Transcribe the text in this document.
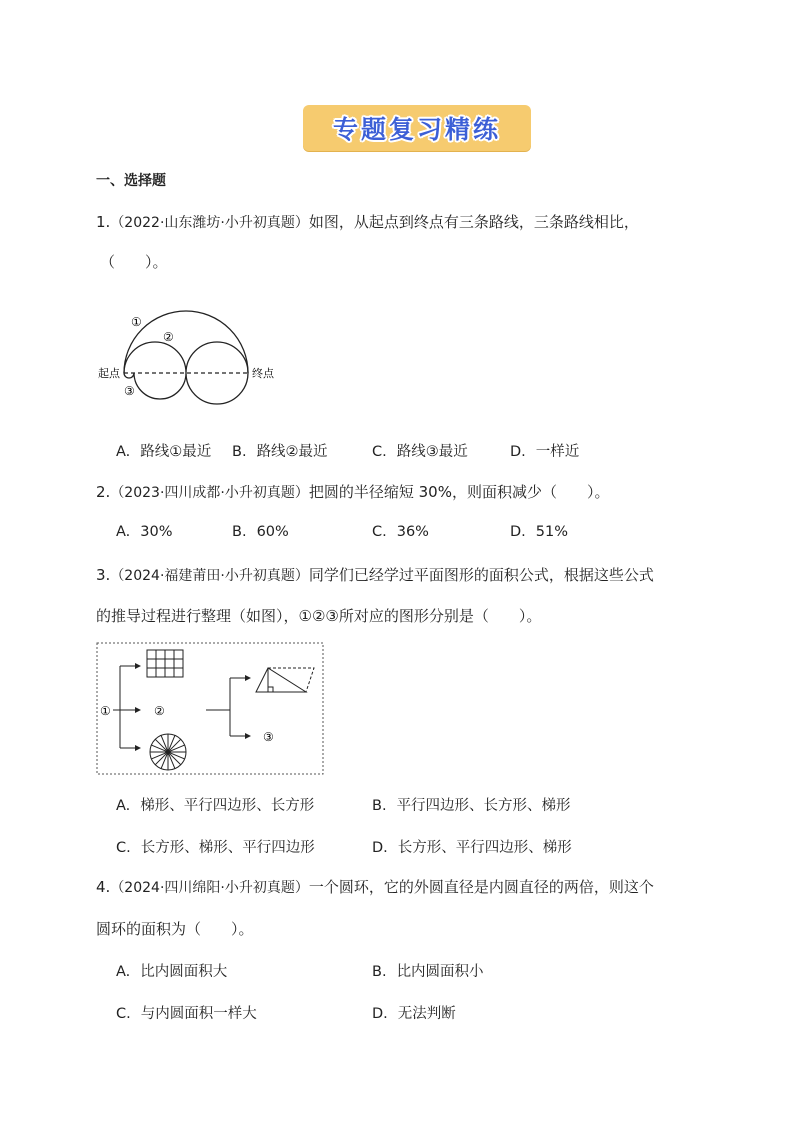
专题复习精练
一、选择题
1.（2022·山东潍坊·小升初真题）如图，从起点到终点有三条路线，三条路线相比，
（　　）。
起点	终点
①
②
③
A. 路线①最近 B. 路线②最近	C. 路线③最近	D. 一样近
2.（2023·四川成都·小升初真题）把圆的半径缩短 30%，则面积减少（　　）。
A. 30%	B. 60%	C. 36%	D. 51%
3.（2024·福建莆田·小升初真题）同学们已经学过平面图形的面积公式，根据这些公式
的推导过程进行整理（如图），①②③所对应的图形分别是（　　）。
①	②
③
A. 梯形、平行四边形、长方形	B. 平行四边形、长方形、梯形
C. 长方形、梯形、平行四边形	D. 长方形、平行四边形、梯形
4.（2024·四川绵阳·小升初真题）一个圆环，它的外圆直径是内圆直径的两倍，则这个
圆环的面积为（　　）。
A. 比内圆面积大	B. 比内圆面积小
C. 与内圆面积一样大	D. 无法判断
